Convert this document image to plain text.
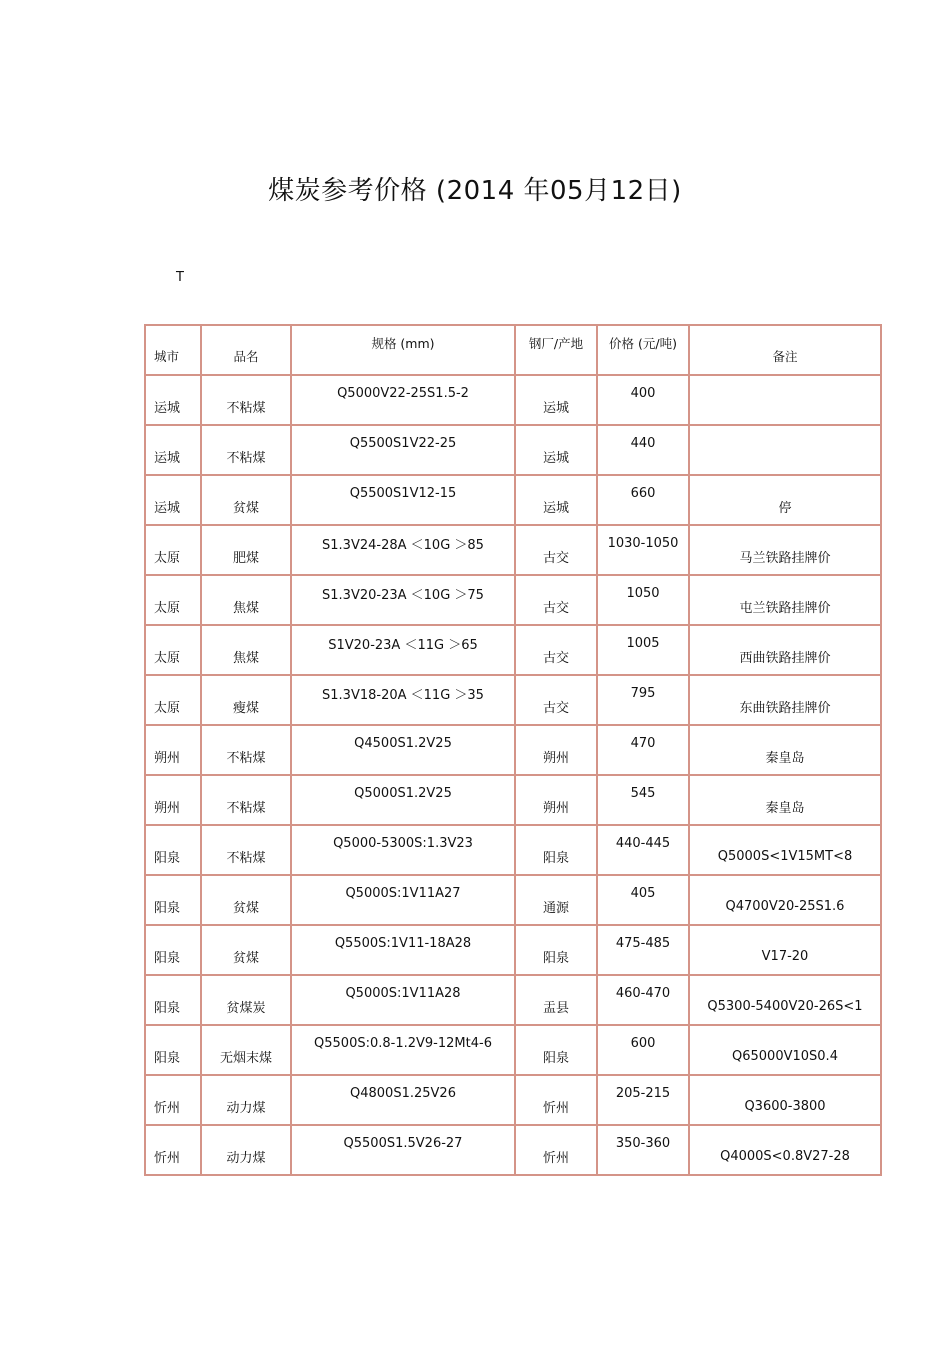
煤炭参考价格 (2014 年05月12日)
T
城市	品名	规格 (mm)	钢厂/产地	价格 (元/吨)	备注
运城	不粘煤	Q5000V22-25S1.5-2	运城	400	
运城	不粘煤	Q5500S1V22-25	运城	440	
运城	贫煤	Q5500S1V12-15	运城	660	停
太原	肥煤	S1.3V24-28A ＜10G ＞85	古交	1030-1050	马兰铁路挂牌价
太原	焦煤	S1.3V20-23A ＜10G ＞75	古交	1050	屯兰铁路挂牌价
太原	焦煤	S1V20-23A ＜11G ＞65	古交	1005	西曲铁路挂牌价
太原	瘦煤	S1.3V18-20A ＜11G ＞35	古交	795	东曲铁路挂牌价
朔州	不粘煤	Q4500S1.2V25	朔州	470	秦皇岛
朔州	不粘煤	Q5000S1.2V25	朔州	545	秦皇岛
阳泉	不粘煤	Q5000-5300S:1.3V23	阳泉	440-445	Q5000S<1V15MT<8
阳泉	贫煤	Q5000S:1V11A27	通源	405	Q4700V20-25S1.6
阳泉	贫煤	Q5500S:1V11-18A28	阳泉	475-485	V17-20
阳泉	贫煤炭	Q5000S:1V11A28	盂县	460-470	Q5300-5400V20-26S<1
阳泉	无烟末煤	Q5500S:0.8-1.2V9-12Mt4-6	阳泉	600	Q65000V10S0.4
忻州	动力煤	Q4800S1.25V26	忻州	205-215	Q3600-3800
忻州	动力煤	Q5500S1.5V26-27	忻州	350-360	Q4000S<0.8V27-28
